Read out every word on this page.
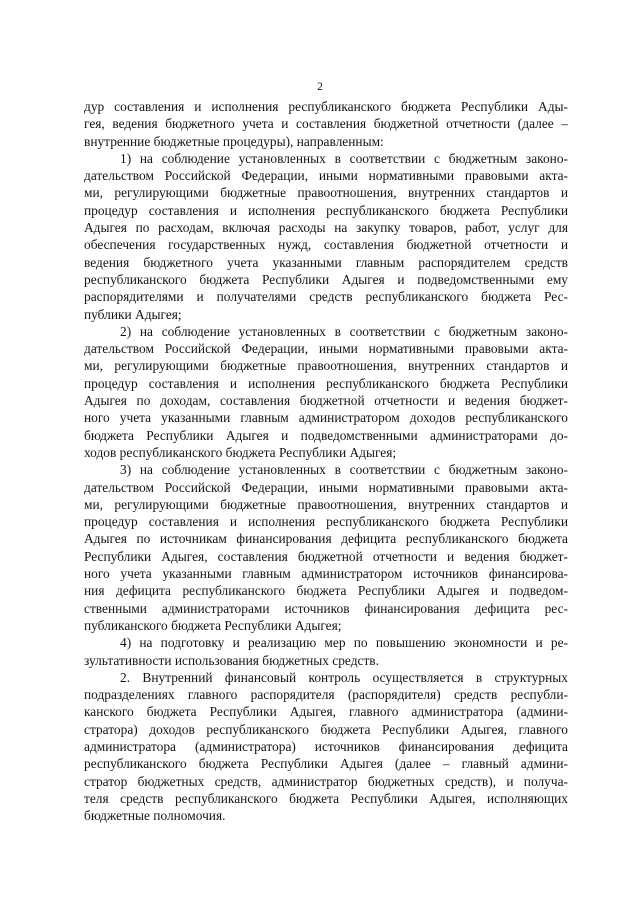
2
дур составления и исполнения республиканского бюджета Республики Ады-
гея, ведения бюджетного учета и составления бюджетной отчетности (далее –
внутренние бюджетные процедуры), направленным:
1) на соблюдение установленных в соответствии с бюджетным законо-
дательством Российской Федерации, иными нормативными правовыми акта-
ми, регулирующими бюджетные правоотношения, внутренних стандартов и
процедур составления и исполнения республиканского бюджета Республики
Адыгея по расходам, включая расходы на закупку товаров, работ, услуг для
обеспечения государственных нужд, составления бюджетной отчетности и
ведения бюджетного учета указанными главным распорядителем средств
республиканского бюджета Республики Адыгея и подведомственными ему
распорядителями и получателями средств республиканского бюджета Рес-
публики Адыгея;
2) на соблюдение установленных в соответствии с бюджетным законо-
дательством Российской Федерации, иными нормативными правовыми акта-
ми, регулирующими бюджетные правоотношения, внутренних стандартов и
процедур составления и исполнения республиканского бюджета Республики
Адыгея по доходам, составления бюджетной отчетности и ведения бюджет-
ного учета указанными главным администратором доходов республиканского
бюджета Республики Адыгея и подведомственными администраторами до-
ходов республиканского бюджета Республики Адыгея;
3) на соблюдение установленных в соответствии с бюджетным законо-
дательством Российской Федерации, иными нормативными правовыми акта-
ми, регулирующими бюджетные правоотношения, внутренних стандартов и
процедур составления и исполнения республиканского бюджета Республики
Адыгея по источникам финансирования дефицита республиканского бюджета
Республики Адыгея, составления бюджетной отчетности и ведения бюджет-
ного учета указанными главным администратором источников финансирова-
ния дефицита республиканского бюджета Республики Адыгея и подведом-
ственными администраторами источников финансирования дефицита рес-
публиканского бюджета Республики Адыгея;
4) на подготовку и реализацию мер по повышению экономности и ре-
зультативности использования бюджетных средств.
2. Внутренний финансовый контроль осуществляется в структурных
подразделениях главного распорядителя (распорядителя) средств республи-
канского бюджета Республики Адыгея, главного администратора (админи-
стратора) доходов республиканского бюджета Республики Адыгея, главного
администратора (администратора) источников финансирования дефицита
республиканского бюджета Республики Адыгея (далее – главный админи-
стратор бюджетных средств, администратор бюджетных средств), и получа-
теля средств республиканского бюджета Республики Адыгея, исполняющих
бюджетные полномочия.
